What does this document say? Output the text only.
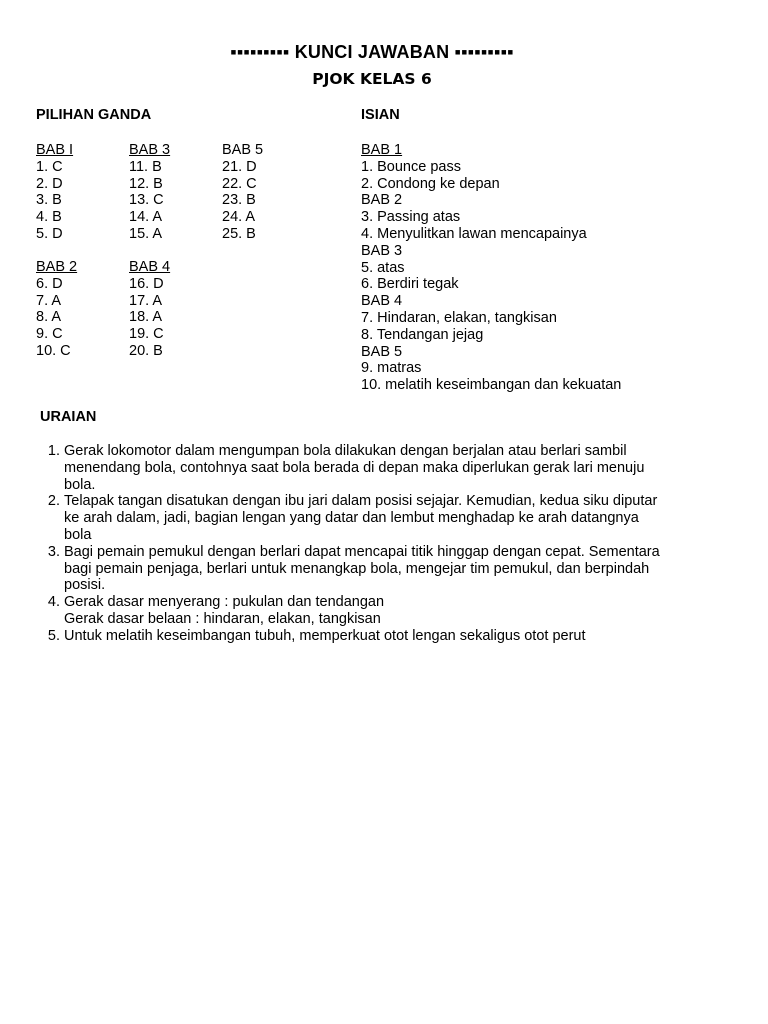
▪▪▪▪▪▪▪▪▪ KUNCI JAWABAN ▪▪▪▪▪▪▪▪▪
PJOK KELAS 6
PILIHAN GANDA	ISIAN
BAB I
1. C
2. D
3. B
4. B
5. D
BAB 3
11. B
12. B
13. C
14. A
15. A
BAB 5
21. D
22. C
23. B
24. A
25. B
BAB 2
6. D
7. A
8. A
9. C
10. C
BAB 4
16. D
17. A
18. A
19. C
20. B
BAB 1
1. Bounce pass
2. Condong ke depan
BAB 2
3. Passing atas
4. Menyulitkan lawan mencapainya
BAB 3
5. atas
6. Berdiri tegak
BAB 4
7. Hindaran, elakan, tangkisan
8. Tendangan jejag
BAB 5
9. matras
10. melatih keseimbangan dan kekuatan
URAIAN
1. Gerak lokomotor dalam mengumpan bola dilakukan dengan berjalan atau berlari sambil
menendang bola, contohnya saat bola berada di depan maka diperlukan gerak lari menuju
bola.
2. Telapak tangan disatukan dengan ibu jari dalam posisi sejajar. Kemudian, kedua siku diputar
ke arah dalam, jadi, bagian lengan yang datar dan lembut menghadap ke arah datangnya
bola
3. Bagi pemain pemukul dengan berlari dapat mencapai titik hinggap dengan cepat. Sementara
bagi pemain penjaga, berlari untuk menangkap bola, mengejar tim pemukul, dan berpindah
posisi.
4. Gerak dasar menyerang : pukulan dan tendangan
Gerak dasar belaan : hindaran, elakan, tangkisan
5. Untuk melatih keseimbangan tubuh, memperkuat otot lengan sekaligus otot perut
